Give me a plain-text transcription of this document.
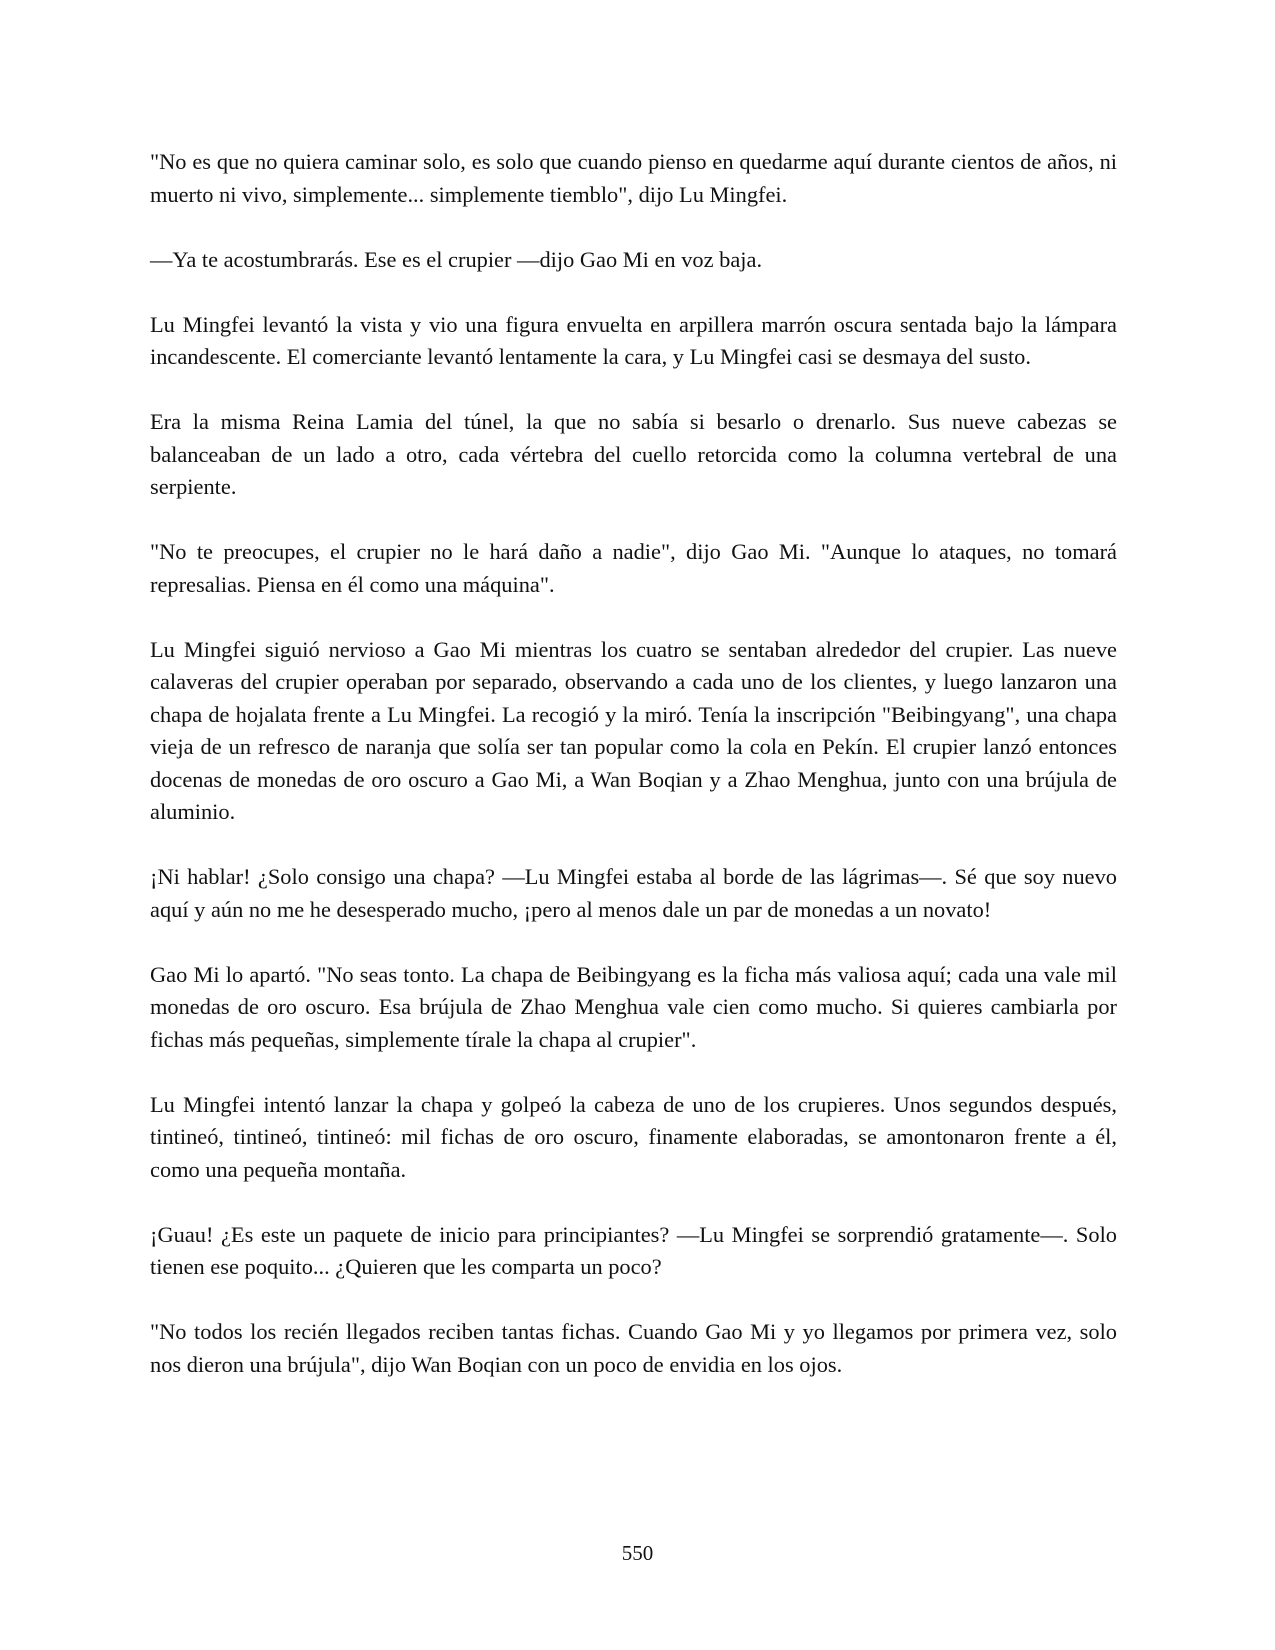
"No es que no quiera caminar solo, es solo que cuando pienso en quedarme aquí durante cientos de años, ni muerto ni vivo, simplemente... simplemente tiemblo", dijo Lu Mingfei.

—Ya te acostumbrarás. Ese es el crupier —dijo Gao Mi en voz baja.

Lu Mingfei levantó la vista y vio una figura envuelta en arpillera marrón oscura sentada bajo la lámpara incandescente. El comerciante levantó lentamente la cara, y Lu Mingfei casi se desmaya del susto.

Era la misma Reina Lamia del túnel, la que no sabía si besarlo o drenarlo. Sus nueve cabezas se balanceaban de un lado a otro, cada vértebra del cuello retorcida como la columna vertebral de una serpiente.

"No te preocupes, el crupier no le hará daño a nadie", dijo Gao Mi. "Aunque lo ataques, no tomará represalias. Piensa en él como una máquina".

Lu Mingfei siguió nervioso a Gao Mi mientras los cuatro se sentaban alrededor del crupier. Las nueve calaveras del crupier operaban por separado, observando a cada uno de los clientes, y luego lanzaron una chapa de hojalata frente a Lu Mingfei. La recogió y la miró. Tenía la inscripción "Beibingyang", una chapa vieja de un refresco de naranja que solía ser tan popular como la cola en Pekín. El crupier lanzó entonces docenas de monedas de oro oscuro a Gao Mi, a Wan Boqian y a Zhao Menghua, junto con una brújula de aluminio.

¡Ni hablar! ¿Solo consigo una chapa? —Lu Mingfei estaba al borde de las lágrimas—. Sé que soy nuevo aquí y aún no me he desesperado mucho, ¡pero al menos dale un par de monedas a un novato!

Gao Mi lo apartó. "No seas tonto. La chapa de Beibingyang es la ficha más valiosa aquí; cada una vale mil monedas de oro oscuro. Esa brújula de Zhao Menghua vale cien como mucho. Si quieres cambiarla por fichas más pequeñas, simplemente tírale la chapa al crupier".

Lu Mingfei intentó lanzar la chapa y golpeó la cabeza de uno de los crupieres. Unos segundos después, tintineó, tintineó, tintineó: mil fichas de oro oscuro, finamente elaboradas, se amontonaron frente a él, como una pequeña montaña.

¡Guau! ¿Es este un paquete de inicio para principiantes? —Lu Mingfei se sorprendió gratamente—. Solo tienen ese poquito... ¿Quieren que les comparta un poco?

"No todos los recién llegados reciben tantas fichas. Cuando Gao Mi y yo llegamos por primera vez, solo nos dieron una brújula", dijo Wan Boqian con un poco de envidia en los ojos.

550
